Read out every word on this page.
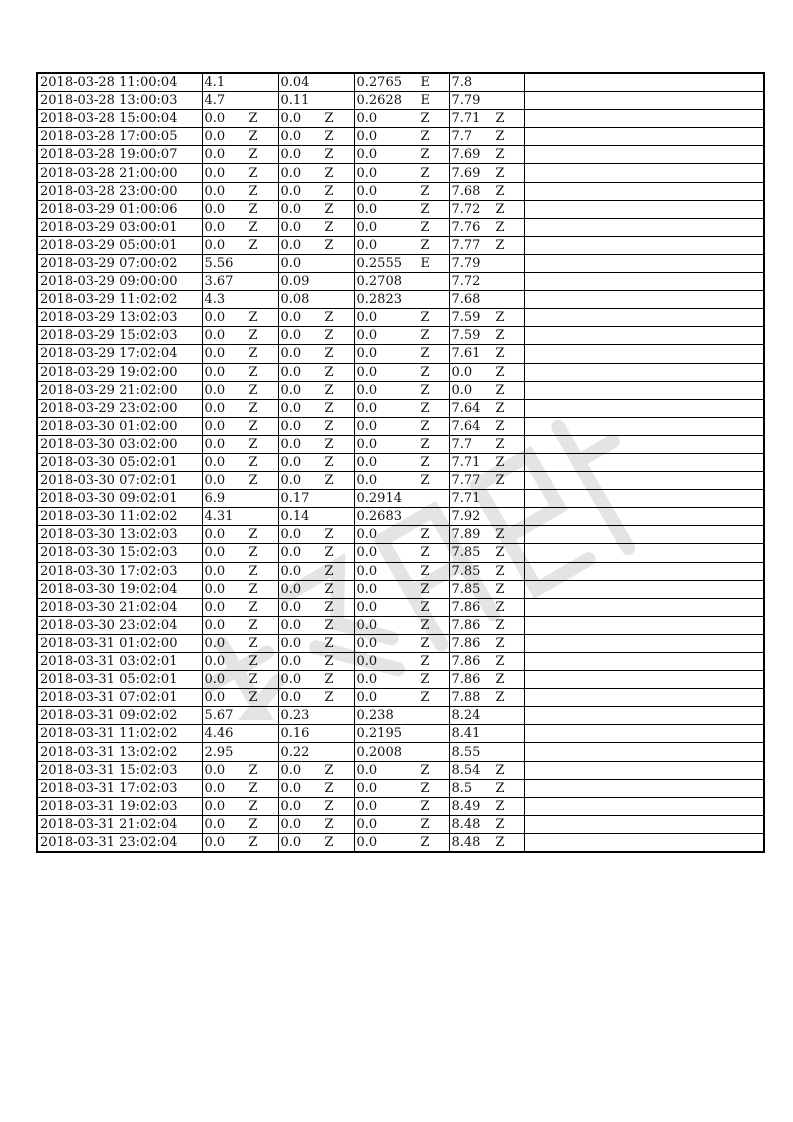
2018-03-28 11:00:04	4.1	0.04	0.2765 E	7.8	
2018-03-28 13:00:03	4.7	0.11	0.2628 E	7.79	
2018-03-28 15:00:04	0.0 Z	0.0 Z	0.0 Z	7.71 Z	
2018-03-28 17:00:05	0.0 Z	0.0 Z	0.0 Z	7.7 Z	
2018-03-28 19:00:07	0.0 Z	0.0 Z	0.0 Z	7.69 Z	
2018-03-28 21:00:00	0.0 Z	0.0 Z	0.0 Z	7.69 Z	
2018-03-28 23:00:00	0.0 Z	0.0 Z	0.0 Z	7.68 Z	
2018-03-29 01:00:06	0.0 Z	0.0 Z	0.0 Z	7.72 Z	
2018-03-29 03:00:01	0.0 Z	0.0 Z	0.0 Z	7.76 Z	
2018-03-29 05:00:01	0.0 Z	0.0 Z	0.0 Z	7.77 Z	
2018-03-29 07:00:02	5.56	0.0	0.2555 E	7.79	
2018-03-29 09:00:00	3.67	0.09	0.2708	7.72	
2018-03-29 11:02:02	4.3	0.08	0.2823	7.68	
2018-03-29 13:02:03	0.0 Z	0.0 Z	0.0 Z	7.59 Z	
2018-03-29 15:02:03	0.0 Z	0.0 Z	0.0 Z	7.59 Z	
2018-03-29 17:02:04	0.0 Z	0.0 Z	0.0 Z	7.61 Z	
2018-03-29 19:02:00	0.0 Z	0.0 Z	0.0 Z	0.0 Z	
2018-03-29 21:02:00	0.0 Z	0.0 Z	0.0 Z	0.0 Z	
2018-03-29 23:02:00	0.0 Z	0.0 Z	0.0 Z	7.64 Z	
2018-03-30 01:02:00	0.0 Z	0.0 Z	0.0 Z	7.64 Z	
2018-03-30 03:02:00	0.0 Z	0.0 Z	0.0 Z	7.7 Z	
2018-03-30 05:02:01	0.0 Z	0.0 Z	0.0 Z	7.71 Z	
2018-03-30 07:02:01	0.0 Z	0.0 Z	0.0 Z	7.77 Z	
2018-03-30 09:02:01	6.9	0.17	0.2914	7.71	
2018-03-30 11:02:02	4.31	0.14	0.2683	7.92	
2018-03-30 13:02:03	0.0 Z	0.0 Z	0.0 Z	7.89 Z	
2018-03-30 15:02:03	0.0 Z	0.0 Z	0.0 Z	7.85 Z	
2018-03-30 17:02:03	0.0 Z	0.0 Z	0.0 Z	7.85 Z	
2018-03-30 19:02:04	0.0 Z	0.0 Z	0.0 Z	7.85 Z	
2018-03-30 21:02:04	0.0 Z	0.0 Z	0.0 Z	7.86 Z	
2018-03-30 23:02:04	0.0 Z	0.0 Z	0.0 Z	7.86 Z	
2018-03-31 01:02:00	0.0 Z	0.0 Z	0.0 Z	7.86 Z	
2018-03-31 03:02:01	0.0 Z	0.0 Z	0.0 Z	7.86 Z	
2018-03-31 05:02:01	0.0 Z	0.0 Z	0.0 Z	7.86 Z	
2018-03-31 07:02:01	0.0 Z	0.0 Z	0.0 Z	7.88 Z	
2018-03-31 09:02:02	5.67	0.23	0.238	8.24	
2018-03-31 11:02:02	4.46	0.16	0.2195	8.41	
2018-03-31 13:02:02	2.95	0.22	0.2008	8.55	
2018-03-31 15:02:03	0.0 Z	0.0 Z	0.0 Z	8.54 Z	
2018-03-31 17:02:03	0.0 Z	0.0 Z	0.0 Z	8.5 Z	
2018-03-31 19:02:03	0.0 Z	0.0 Z	0.0 Z	8.49 Z	
2018-03-31 21:02:04	0.0 Z	0.0 Z	0.0 Z	8.48 Z	
2018-03-31 23:02:04	0.0 Z	0.0 Z	0.0 Z	8.48 Z	
